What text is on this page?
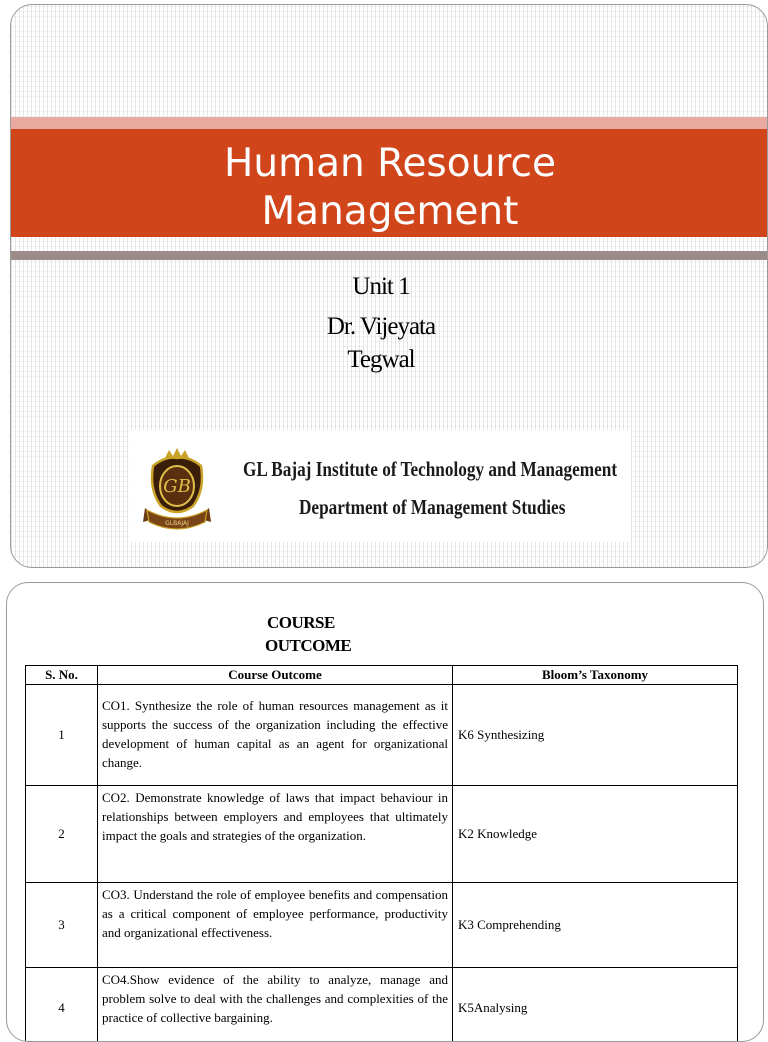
Human Resource
Management
Unit 1
Dr. Vijeyata
Tegwal
GLBAJAJ
GB
GL Bajaj Institute of Technology and Management
Department of Management Studies
COURSE
OUTCOME
S. No.	Course Outcome	Bloom’s Taxonomy
1	CO1. Synthesize the role of human resources management as it supports the success of the organization including the effective development of human capital as an agent for organizational change.	K6 Synthesizing
2	CO2. Demonstrate knowledge of laws that impact behaviour in relationships between employers and employees that ultimately impact the goals and strategies of the organization.	K2 Knowledge
3	CO3. Understand the role of employee benefits and compensation as a critical component of employee performance, productivity and organizational effectiveness.	K3 Comprehending
4	CO4.Show evidence of the ability to analyze, manage and problem solve to deal with the challenges and complexities of the practice of collective bargaining.	K5Analysing
